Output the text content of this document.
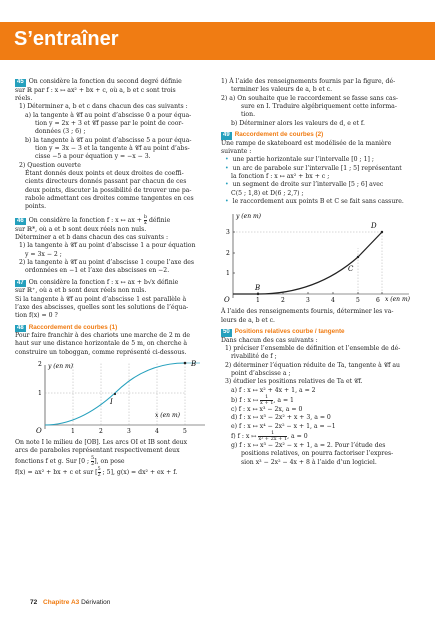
S’entraîner
45 On considère la fonction du second degré définie
sur ℝ par f : x ↦ ax² + bx + c, où a, b et c sont trois
réels.
1) Déterminer a, b et c dans chacun des cas suivants :
a) la tangente à 𝒞f au point d’abscisse 0 a pour équa-
tion y = 2x + 3 et 𝒞f passe par le point de coor-
données (3 ; 6) ;
b) la tangente à 𝒞f au point d’abscisse 5 a pour équa-
tion y = 3x − 3 et la tangente à 𝒞f au point d’abs-
cisse −5 a pour équation y = −x − 3.
2) Question ouverte
Étant donnés deux points et deux droites de coeffi-
cients directeurs donnés passant par chacun de ces
deux points, discuter la possibilité de trouver une pa-
rabole admettant ces droites comme tangentes en ces
points.
46 On considère la fonction f : x ↦ ax + $\frac{b}{x}$ définie
sur ℝ*, où a et b sont deux réels non nuls.
Déterminer a et b dans chacun des cas suivants :
1) la tangente à 𝒞f au point d’abscisse 1 a pour équation
y = 3x − 2 ;
2) la tangente à 𝒞f au point d’abscisse 1 coupe l’axe des
ordonnées en −1 et l’axe des abscisses en −2.
47 On considère la fonction f : x ↦ ax + b√x définie
sur ℝ⁺, où a et b sont deux réels non nuls.
Si la tangente à 𝒞f au point d’abscisse 1 est parallèle à
l’axe des abscisses, quelles sont les solutions de l’équa-
tion f(x) = 0 ?
48 Raccordement de courbes (1)
Pour faire franchir à des chariots une marche de 2 m de
haut sur une distance horizontale de 5 m, on cherche à
construire un toboggan, comme représenté ci-dessous.
y (en m)
x (en m)
O
B
I
1	2	3	4	5
1
2
On note I le milieu de [OB]. Les arcs OI et IB sont deux
arcs de paraboles représentant respectivement deux
fonctions f et g. Sur [0 ; $\frac{5}{2}$ ], on pose
f(x) = ax² + bx + c et sur [ $\frac{5}{2}$ ; 5], g(x) = dx² + ex + f.
1) À l’aide des renseignements fournis par la figure, dé-
terminer les valeurs de a, b et c.
2) a) On souhaite que le raccordement se fasse sans cas-
sure en I. Traduire algébriquement cette informa-
tion.
b) Déterminer alors les valeurs de d, e et f.
49 Raccordement de courbes (2)
Une rampe de skateboard est modélisée de la manière
suivante :
• une partie horizontale sur l’intervalle [0 ; 1] ;
• un arc de parabole sur l’intervalle [1 ; 5] représentant
la fonction f : x ↦ ax² + bx + c ;
• un segment de droite sur l’intervalle [5 ; 6] avec
C(5 ; 1,8) et D(6 ; 2,7) ;
• le raccordement aux points B et C se fait sans cassure.
y (en m)
x (en m)
O
B
C
D
1	2	3	4	5	6
1
2
3
À l’aide des renseignements fournis, déterminer les va-
leurs de a, b et c.
50 Positions relatives courbe / tangente
Dans chacun des cas suivants :
1) préciser l’ensemble de définition et l’ensemble de dé-
rivabilité de f ;
2) déterminer l’équation réduite de Ta, tangente à 𝒞f au
point d’abscisse a ;
3) étudier les positions relatives de Ta et 𝒞f.
a) f : x ↦ x² + 4x + 1, a = 2
b) f : x ↦ $\frac{1}{x + 1}$ , a = 1
c) f : x ↦ x³ − 2x, a = 0
d) f : x ↦ x³ − 2x² + x + 3, a = 0
e) f : x ↦ x⁴ − 2x² − x + 1, a = −1
f) f : x ↦ $\frac{1}{\text{x² + 2x + 1}}$ , a = 0
g) f : x ↦ x³ − 2x² − x + 1, a = 2. Pour l’étude des
positions relatives, on pourra factoriser l’expres-
sion x³ − 2x² − 4x + 8 à l’aide d’un logiciel.
72 Chapitre A3 Dérivation
